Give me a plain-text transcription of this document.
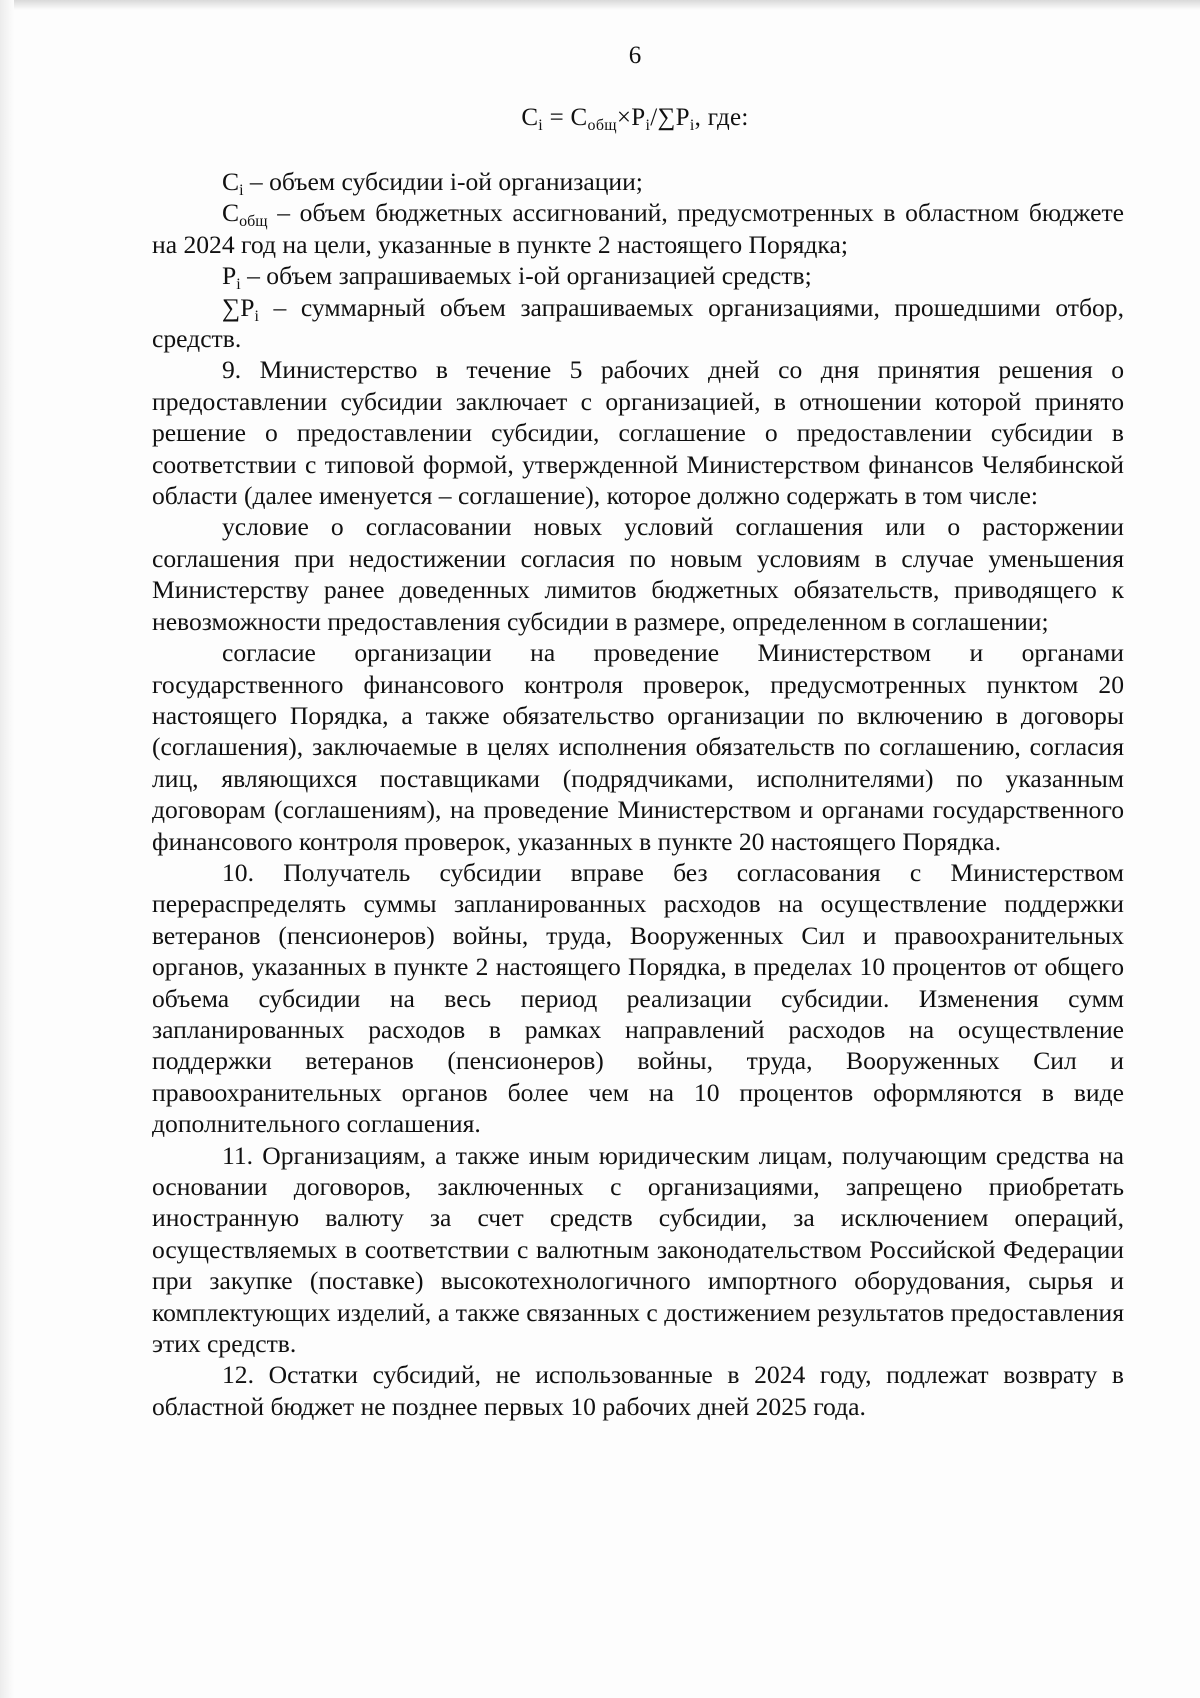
6
$C_i = C_{общ}\times P_i/\sum P_i$, где:

$C_i$ – объем субсидии i-ой организации;

$C_{общ}$ – объем бюджетных ассигнований, предусмотренных в областном бюджете на 2024 год на цели, указанные в пункте 2 настоящего Порядка;

$P_i$ – объем запрашиваемых i-ой организацией средств;

$\sum P_i$ – суммарный объем запрашиваемых организациями, прошедшими отбор, средств.

9. Министерство в течение 5 рабочих дней со дня принятия решения о предоставлении субсидии заключает с организацией, в отношении которой принято решение о предоставлении субсидии, соглашение о предоставлении субсидии в соответствии с типовой формой, утвержденной Министерством финансов Челябинской области (далее именуется – соглашение), которое должно содержать в том числе:

условие о согласовании новых условий соглашения или о расторжении соглашения при недостижении согласия по новым условиям в случае уменьшения Министерству ранее доведенных лимитов бюджетных обязательств, приводящего к невозможности предоставления субсидии в размере, определенном в соглашении;

согласие организации на проведение Министерством и органами государственного финансового контроля проверок, предусмотренных пунктом 20 настоящего Порядка, а также обязательство организации по включению в договоры (соглашения), заключаемые в целях исполнения обязательств по соглашению, согласия лиц, являющихся поставщиками (подрядчиками, исполнителями) по указанным договорам (соглашениям), на проведение Министерством и органами государственного финансового контроля проверок, указанных в пункте 20 настоящего Порядка.

10. Получатель субсидии вправе без согласования с Министерством перераспределять суммы запланированных расходов на осуществление поддержки ветеранов (пенсионеров) войны, труда, Вооруженных Сил и правоохранительных органов, указанных в пункте 2 настоящего Порядка, в пределах 10 процентов от общего объема субсидии на весь период реализации субсидии. Изменения сумм запланированных расходов в рамках направлений расходов на осуществление поддержки ветеранов (пенсионеров) войны, труда, Вооруженных Сил и правоохранительных органов более чем на 10 процентов оформляются в виде дополнительного соглашения.

11. Организациям, а также иным юридическим лицам, получающим средства на основании договоров, заключенных с организациями, запрещено приобретать иностранную валюту за счет средств субсидии, за исключением операций, осуществляемых в соответствии с валютным законодательством Российской Федерации при закупке (поставке) высокотехнологичного импортного оборудования, сырья и комплектующих изделий, а также связанных с достижением результатов предоставления этих средств.

12. Остатки субсидий, не использованные в 2024 году, подлежат возврату в областной бюджет не позднее первых 10 рабочих дней 2025 года.
